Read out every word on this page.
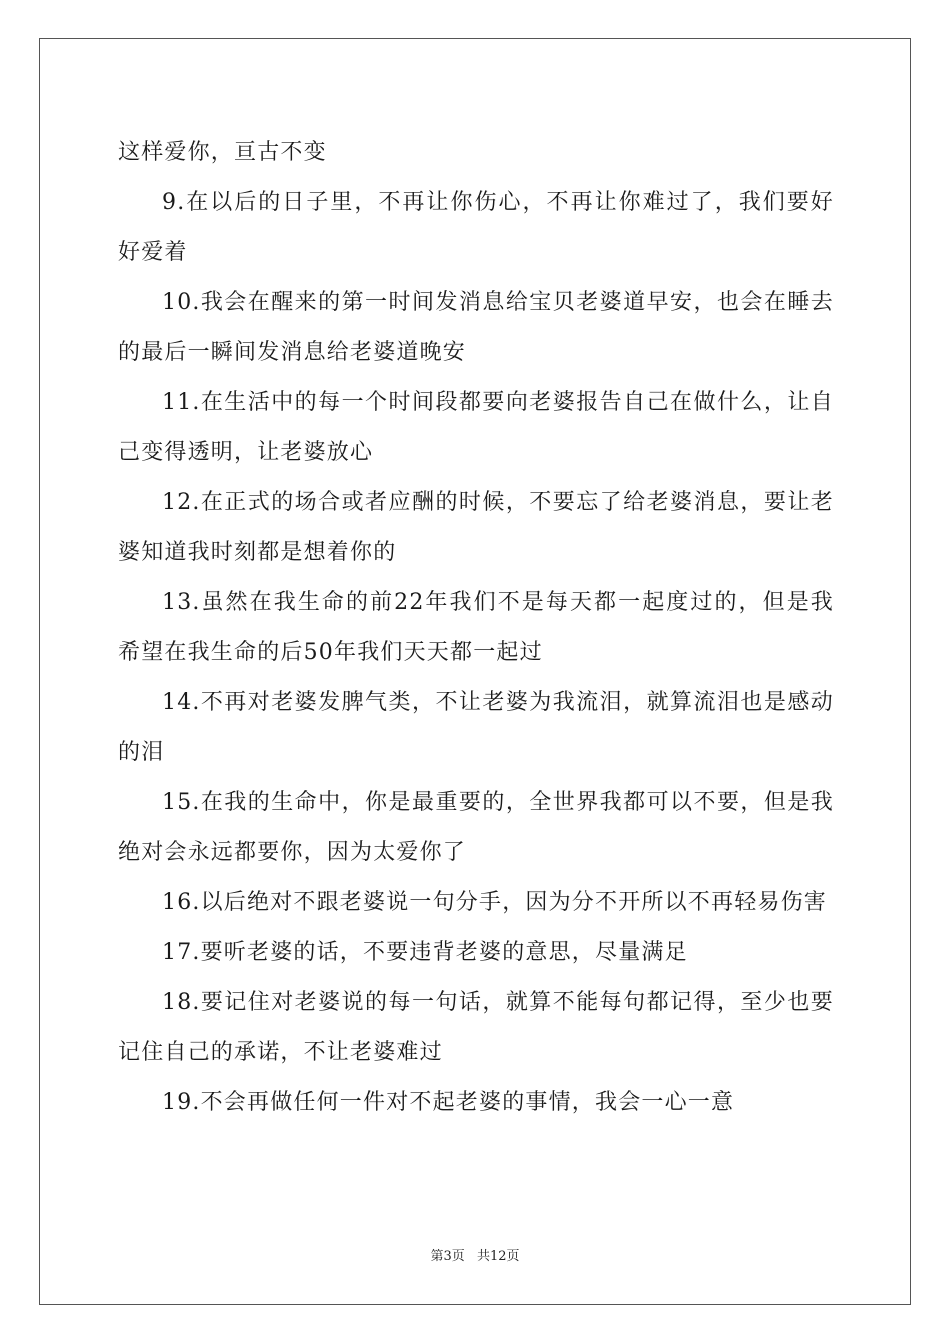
这样爱你，亘古不变

9.在以后的日子里，不再让你伤心，不再让你难过了，我们要好好爱着

10.我会在醒来的第一时间发消息给宝贝老婆道早安，也会在睡去的最后一瞬间发消息给老婆道晚安

11.在生活中的每一个时间段都要向老婆报告自己在做什么，让自己变得透明，让老婆放心

12.在正式的场合或者应酬的时候，不要忘了给老婆消息，要让老婆知道我时刻都是想着你的

13.虽然在我生命的前22年我们不是每天都一起度过的，但是我希望在我生命的后50年我们天天都一起过

14.不再对老婆发脾气类，不让老婆为我流泪，就算流泪也是感动的泪

15.在我的生命中，你是最重要的，全世界我都可以不要，但是我绝对会永远都要你，因为太爱你了

16.以后绝对不跟老婆说一句分手，因为分不开所以不再轻易伤害

17.要听老婆的话，不要违背老婆的意思，尽量满足

18.要记住对老婆说的每一句话，就算不能每句都记得，至少也要记住自己的承诺，不让老婆难过

19.不会再做任何一件对不起老婆的事情，我会一心一意

第3页 共12页
